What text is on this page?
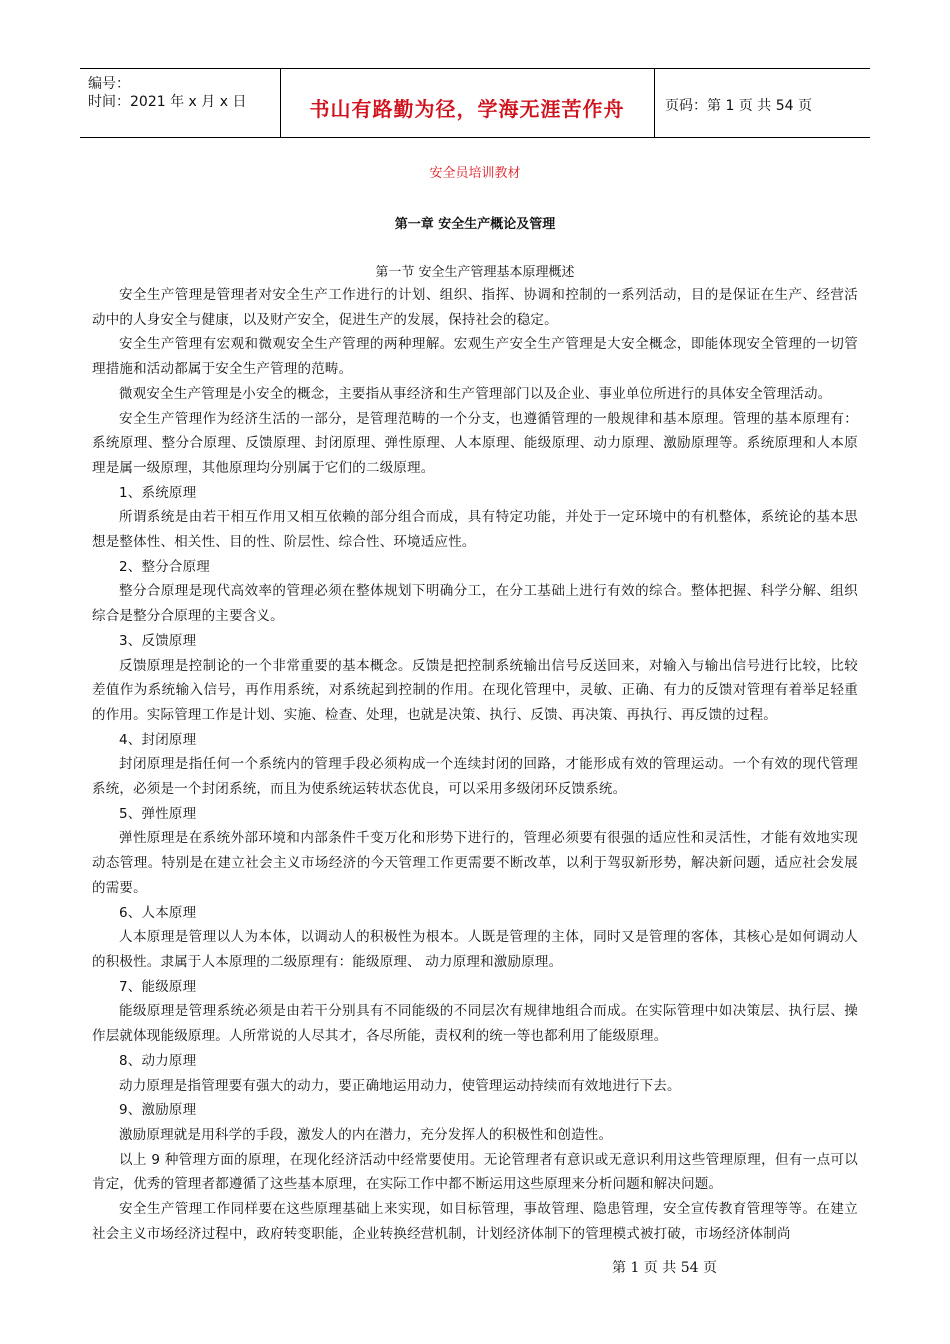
编号：
时间：2021 年 x 月 x 日	书山有路勤为径，学海无涯苦作舟	页码：第 1 页 共 54 页
安全员培训教材
第一章 安全生产概论及管理
第一节 安全生产管理基本原理概述

安全生产管理是管理者对安全生产工作进行的计划、组织、指挥、协调和控制的一系列活动，目的是保证在生产、经营活动中的人身安全与健康，以及财产安全，促进生产的发展，保持社会的稳定。

安全生产管理有宏观和微观安全生产管理的两种理解。宏观生产安全生产管理是大安全概念，即能体现安全管理的一切管理措施和活动都属于安全生产管理的范畴。

微观安全生产管理是小安全的概念，主要指从事经济和生产管理部门以及企业、事业单位所进行的具体安全管理活动。

安全生产管理作为经济生活的一部分，是管理范畴的一个分支，也遵循管理的一般规律和基本原理。管理的基本原理有：系统原理、整分合原理、反馈原理、封闭原理、弹性原理、人本原理、能级原理、动力原理、激励原理等。系统原理和人本原理是属一级原理，其他原理均分别属于它们的二级原理。

1、系统原理

所谓系统是由若干相互作用又相互依赖的部分组合而成，具有特定功能，并处于一定环境中的有机整体，系统论的基本思想是整体性、相关性、目的性、阶层性、综合性、环境适应性。

2、整分合原理

整分合原理是现代高效率的管理必须在整体规划下明确分工，在分工基础上进行有效的综合。整体把握、科学分解、组织综合是整分合原理的主要含义。

3、反馈原理

反馈原理是控制论的一个非常重要的基本概念。反馈是把控制系统输出信号反送回来，对输入与输出信号进行比较，比较差值作为系统输入信号，再作用系统，对系统起到控制的作用。在现化管理中，灵敏、正确、有力的反馈对管理有着举足轻重的作用。实际管理工作是计划、实施、检查、处理，也就是决策、执行、反馈、再决策、再执行、再反馈的过程。

4、封闭原理

封闭原理是指任何一个系统内的管理手段必须构成一个连续封闭的回路，才能形成有效的管理运动。一个有效的现代管理系统，必须是一个封闭系统，而且为使系统运转状态优良，可以采用多级闭环反馈系统。

5、弹性原理

弹性原理是在系统外部环境和内部条件千变万化和形势下进行的，管理必须要有很强的适应性和灵活性，才能有效地实现动态管理。特别是在建立社会主义市场经济的今天管理工作更需要不断改革，以利于驾驭新形势，解决新问题，适应社会发展的需要。

6、人本原理

人本原理是管理以人为本体，以调动人的积极性为根本。人既是管理的主体，同时又是管理的客体，其核心是如何调动人的积极性。隶属于人本原理的二级原理有：能级原理、 动力原理和激励原理。

7、能级原理

能级原理是管理系统必须是由若干分别具有不同能级的不同层次有规律地组合而成。在实际管理中如决策层、执行层、操作层就体现能级原理。人所常说的人尽其才，各尽所能，责权利的统一等也都利用了能级原理。

8、动力原理

动力原理是指管理要有强大的动力，要正确地运用动力，使管理运动持续而有效地进行下去。

9、激励原理

激励原理就是用科学的手段，激发人的内在潜力，充分发挥人的积极性和创造性。

以上 9 种管理方面的原理，在现化经济活动中经常要使用。无论管理者有意识或无意识利用这些管理原理，但有一点可以肯定，优秀的管理者都遵循了这些基本原理，在实际工作中都不断运用这些原理来分析问题和解决问题。

安全生产管理工作同样要在这些原理基础上来实现，如目标管理，事故管理、隐患管理，安全宣传教育管理等等。在建立社会主义市场经济过程中，政府转变职能，企业转换经营机制，计划经济体制下的管理模式被打破，市场经济体制尚

第 1 页 共 54 页
